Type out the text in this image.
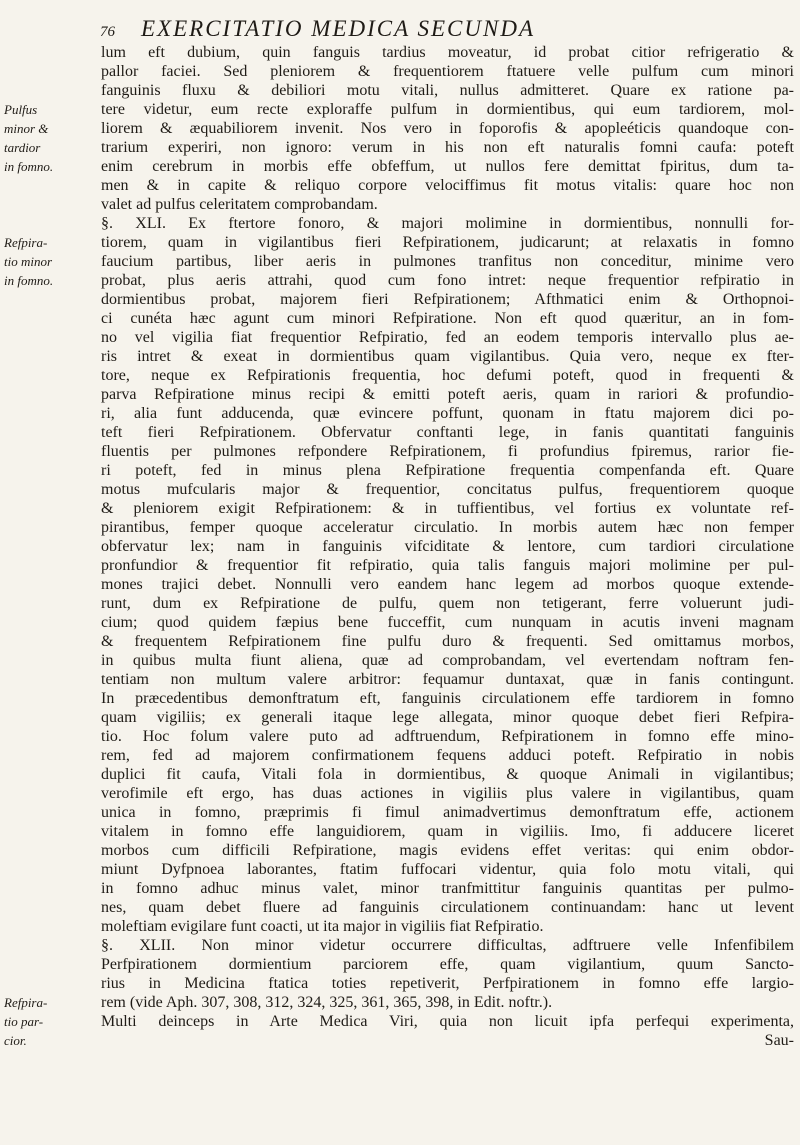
76 EXERCITATIO MEDICA SECUNDA
Pulfus
minor &
tardior
in fomno.
Refpira-
tio minor
in fomno.
Refpira-
tio par-
cior.
lum eft dubium, quin fanguis tardius moveatur, id probat citior refrigeratio &
pallor faciei. Sed pleniorem & frequentiorem ftatuere velle pulfum cum minori
fanguinis fluxu & debiliori motu vitali, nullus admitteret. Quare ex ratione pa-
tere videtur, eum recte exploraffe pulfum in dormientibus, qui eum tardiorem, mol-
liorem & æquabiliorem invenit. Nos vero in foporofis & apopleéticis quandoque con-
trarium experiri, non ignoro: verum in his non eft naturalis fomni caufa: poteft
enim cerebrum in morbis effe obfeffum, ut nullos fere demittat fpiritus, dum ta-
men & in capite & reliquo corpore velociffimus fit motus vitalis: quare hoc non
valet ad pulfus celeritatem comprobandam.
§. XLI. Ex ftertore fonoro, & majori molimine in dormientibus, nonnulli for-
tiorem, quam in vigilantibus fieri Refpirationem, judicarunt; at relaxatis in fomno
faucium partibus, liber aeris in pulmones tranfitus non conceditur, minime vero
probat, plus aeris attrahi, quod cum fono intret: neque frequentior refpiratio in
dormientibus probat, majorem fieri Refpirationem; Afthmatici enim & Orthopnoi-
ci cunéta hæc agunt cum minori Refpiratione. Non eft quod quæritur, an in fom-
no vel vigilia fiat frequentior Refpiratio, fed an eodem temporis intervallo plus ae-
ris intret & exeat in dormientibus quam vigilantibus. Quia vero, neque ex fter-
tore, neque ex Refpirationis frequentia, hoc defumi poteft, quod in frequenti &
parva Refpiratione minus recipi & emitti poteft aeris, quam in rariori & profundio-
ri, alia funt adducenda, quæ evincere poffunt, quonam in ftatu majorem dici po-
teft fieri Refpirationem. Obfervatur conftanti lege, in fanis quantitati fanguinis
fluentis per pulmones refpondere Refpirationem, fi profundius fpiremus, rarior fie-
ri poteft, fed in minus plena Refpiratione frequentia compenfanda eft. Quare
motus mufcularis major & frequentior, concitatus pulfus, frequentiorem quoque
& pleniorem exigit Refpirationem: & in tuffientibus, vel fortius ex voluntate ref-
pirantibus, femper quoque acceleratur circulatio. In morbis autem hæc non femper
obfervatur lex; nam in fanguinis vifciditate & lentore, cum tardiori circulatione
pronfundior & frequentior fit refpiratio, quia talis fanguis majori molimine per pul-
mones trajici debet. Nonnulli vero eandem hanc legem ad morbos quoque extende-
runt, dum ex Refpiratione de pulfu, quem non tetigerant, ferre voluerunt judi-
cium; quod quidem fæpius bene fucceffit, cum nunquam in acutis inveni magnam
& frequentem Refpirationem fine pulfu duro & frequenti. Sed omittamus morbos,
in quibus multa fiunt aliena, quæ ad comprobandam, vel evertendam noftram fen-
tentiam non multum valere arbitror: fequamur duntaxat, quæ in fanis contingunt.
In præcedentibus demonftratum eft, fanguinis circulationem effe tardiorem in fomno
quam vigiliis; ex generali itaque lege allegata, minor quoque debet fieri Refpira-
tio. Hoc folum valere puto ad adftruendum, Refpirationem in fomno effe mino-
rem, fed ad majorem confirmationem fequens adduci poteft. Refpiratio in nobis
duplici fit caufa, Vitali fola in dormientibus, & quoque Animali in vigilantibus;
verofimile eft ergo, has duas actiones in vigiliis plus valere in vigilantibus, quam
unica in fomno, præprimis fi fimul animadvertimus demonftratum effe, actionem
vitalem in fomno effe languidiorem, quam in vigiliis. Imo, fi adducere liceret
morbos cum difficili Refpiratione, magis evidens effet veritas: qui enim obdor-
miunt Dyfpnoea laborantes, ftatim fuffocari videntur, quia folo motu vitali, qui
in fomno adhuc minus valet, minor tranfmittitur fanguinis quantitas per pulmo-
nes, quam debet fluere ad fanguinis circulationem continuandam: hanc ut levent
moleftiam evigilare funt coacti, ut ita major in vigiliis fiat Refpiratio.
§. XLII. Non minor videtur occurrere difficultas, adftruere velle Infenfibilem
Perfpirationem dormientium parciorem effe, quam vigilantium, quum Sancto-
rius in Medicina ftatica toties repetiverit, Perfpirationem in fomno effe largio-
rem (vide Aph. 307, 308, 312, 324, 325, 361, 365, 398, in Edit. noftr.).
Multi deinceps in Arte Medica Viri, quia non licuit ipfa perfequi experimenta,
Sau-
